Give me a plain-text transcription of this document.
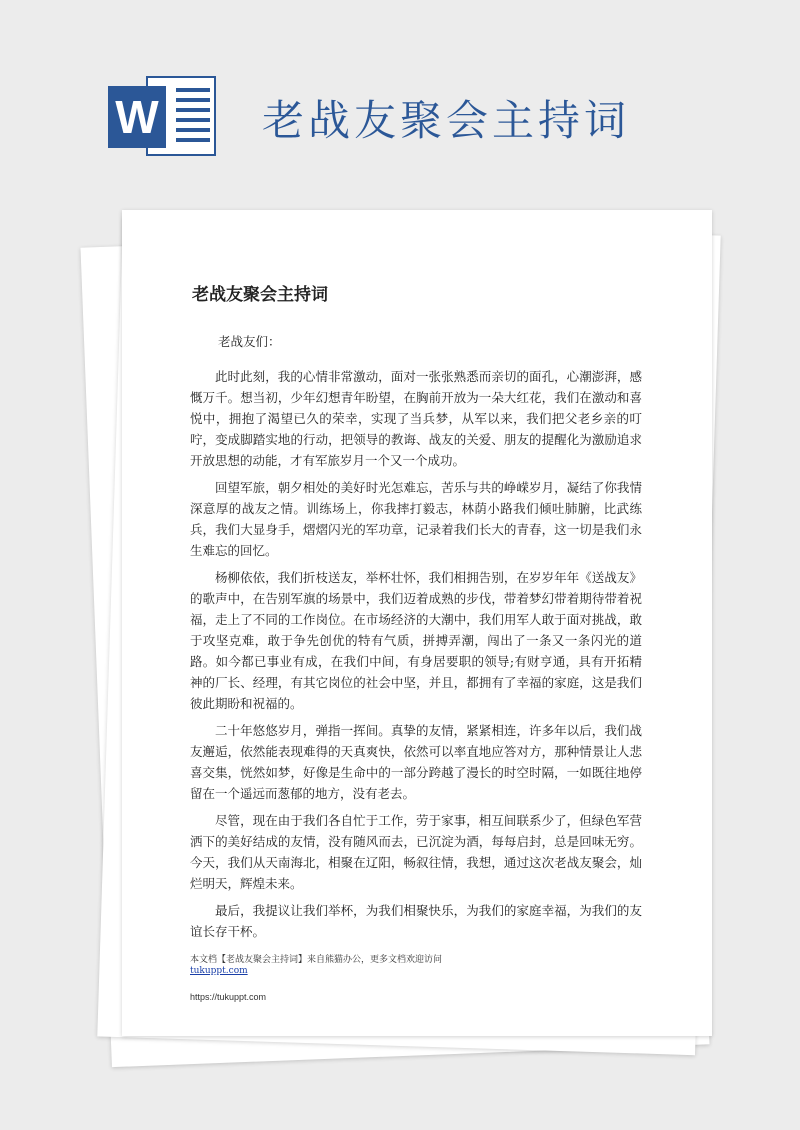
W 老战友聚会主持词
老战友聚会主持词
老战友们：

此时此刻，我的心情非常激动，面对一张张熟悉而亲切的面孔，心潮澎湃，感慨万千。想当初，少年幻想青年盼望，在胸前开放为一朵大红花，我们在激动和喜悦中，拥抱了渴望已久的荣幸，实现了当兵梦，从军以来，我们把父老乡亲的叮咛，变成脚踏实地的行动，把领导的教诲、战友的关爱、朋友的提醒化为激励追求开放思想的动能，才有军旅岁月一个又一个成功。

回望军旅，朝夕相处的美好时光怎难忘，苦乐与共的峥嵘岁月，凝结了你我情深意厚的战友之情。训练场上，你我摔打毅志，林荫小路我们倾吐肺腑，比武练兵，我们大显身手，熠熠闪光的军功章，记录着我们长大的青春，这一切是我们永生难忘的回忆。

杨柳依依，我们折枝送友，举杯壮怀，我们相拥告别，在岁岁年年《送战友》的歌声中，在告别军旗的场景中，我们迈着成熟的步伐，带着梦幻带着期待带着祝福，走上了不同的工作岗位。在市场经济的大潮中，我们用军人敢于面对挑战，敢于攻坚克难，敢于争先创优的特有气质，拼搏弄潮，闯出了一条又一条闪光的道路。如今都已事业有成，在我们中间，有身居要职的领导;有财亨通，具有开拓精神的厂长、经理，有其它岗位的社会中坚，并且，都拥有了幸福的家庭，这是我们彼此期盼和祝福的。

二十年悠悠岁月，弹指一挥间。真挚的友情，紧紧相连，许多年以后，我们战友邂逅，依然能表现难得的天真爽快，依然可以率直地应答对方，那种情景让人悲喜交集，恍然如梦，好像是生命中的一部分跨越了漫长的时空时隔，一如既往地停留在一个遥远而葱郁的地方，没有老去。

尽管，现在由于我们各自忙于工作，劳于家事，相互间联系少了，但绿色军营洒下的美好结成的友情，没有随风而去，已沉淀为酒，每每启封，总是回味无穷。今天，我们从天南海北，相聚在辽阳，畅叙往情，我想，通过这次老战友聚会，灿烂明天，辉煌未来。

最后，我提议让我们举杯，为我们相聚快乐，为我们的家庭幸福，为我们的友谊长存干杯。

本文档【老战友聚会主持词】来自熊猫办公，更多文档欢迎访问
tukuppt.com
https://tukuppt.com
